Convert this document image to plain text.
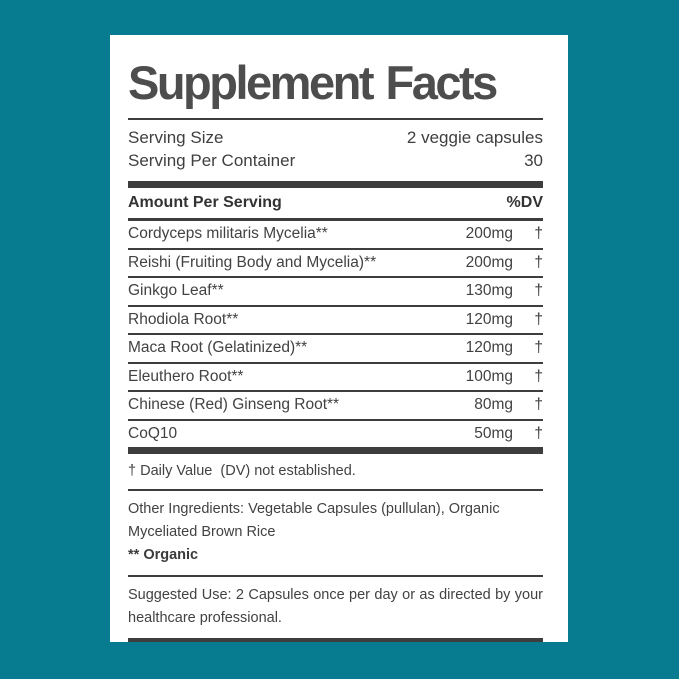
Supplement Facts
Serving Size	2 veggie capsules
Serving Per Container	30
Amount Per Serving	%DV
Cordyceps militaris Mycelia**	200mg	†
Reishi (Fruiting Body and Mycelia)**	200mg	†
Ginkgo Leaf**	130mg	†
Rhodiola Root**	120mg	†
Maca Root (Gelatinized)**	120mg	†
Eleuthero Root**	100mg	†
Chinese (Red) Ginseng Root**	80mg	†
CoQ10	50mg	†
† Daily Value  (DV) not established.
Other Ingredients: Vegetable Capsules (pullulan), Organic
Myceliated Brown Rice
** Organic
Suggested Use: 2 Capsules once per day or as directed by your healthcare professional.
